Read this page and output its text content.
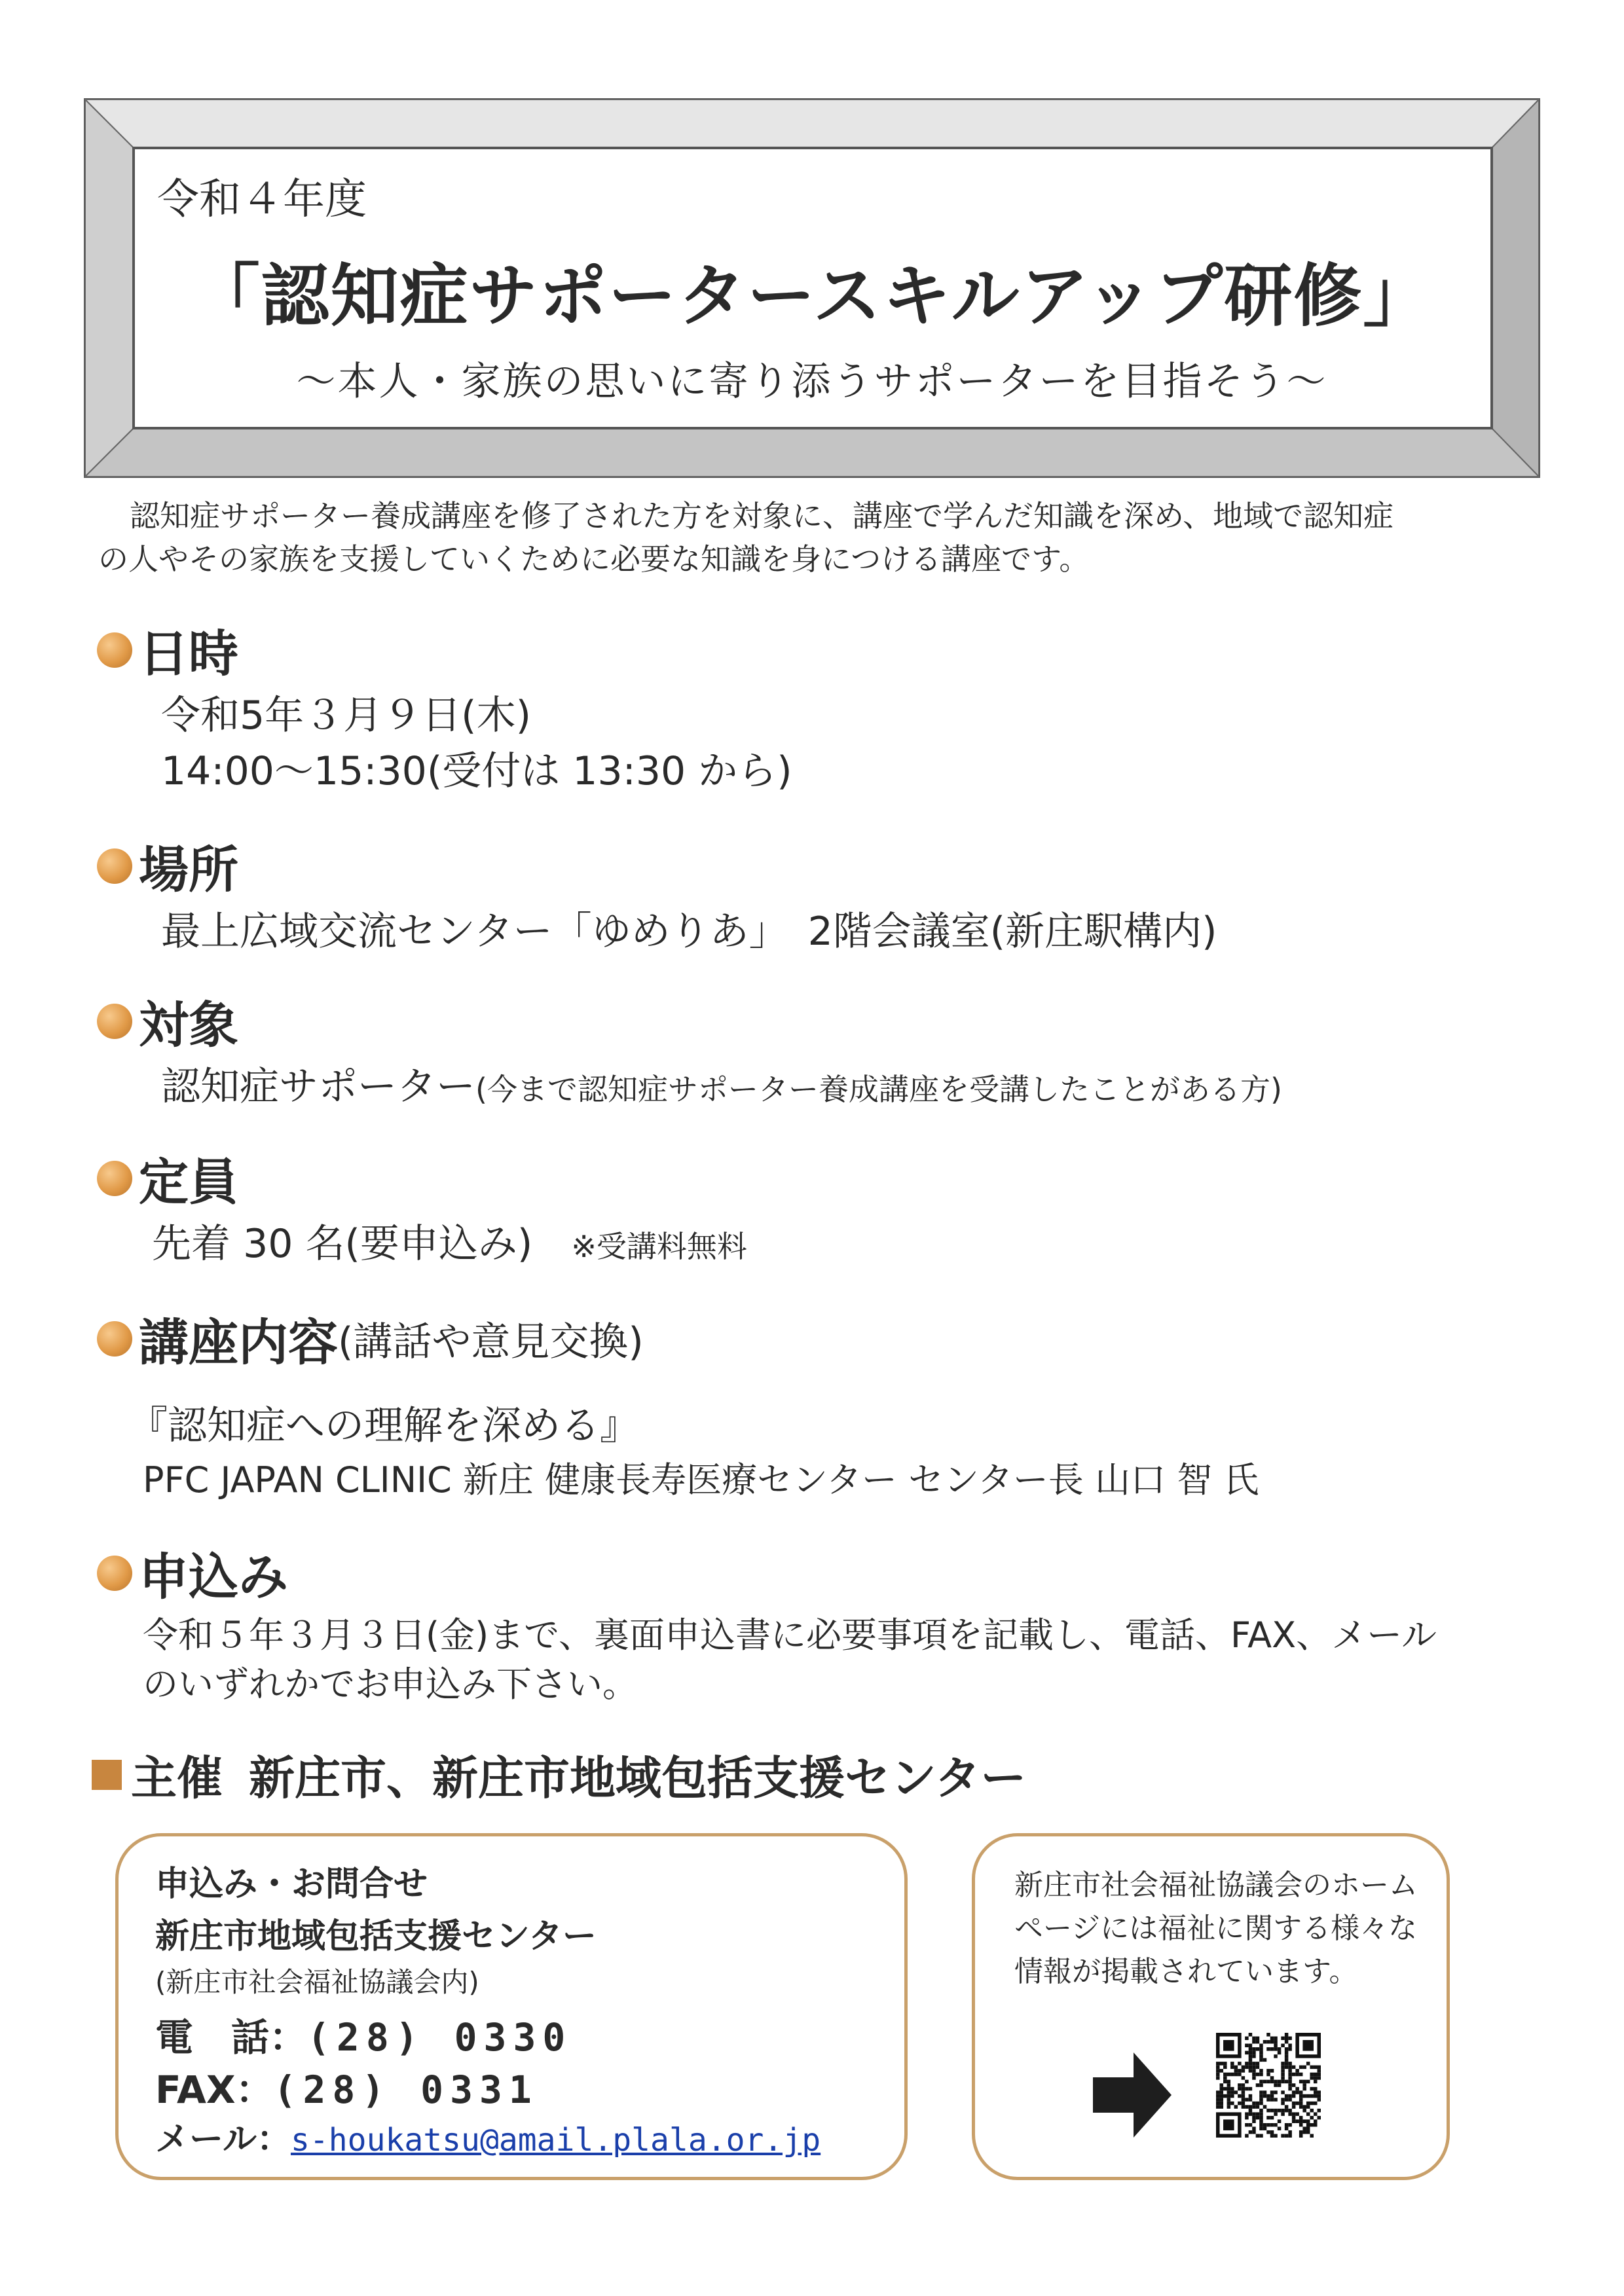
令和４年度
「認知症サポータースキルアップ研修」
〜本人・家族の思いに寄り添うサポーターを目指そう〜

認知症サポーター養成講座を修了された方を対象に、講座で学んだ知識を深め、地域で認知症

の人やその家族を支援していくために必要な知識を身につける講座です。

日時
令和5年３月９日(木)
14:00〜15:30(受付は 13:30 から)
場所
最上広域交流センター「ゆめりあ」　2階会議室(新庄駅構内)
対象
認知症サポーター(今まで認知症サポーター養成講座を受講したことがある方)
定員
先着 30 名(要申込み) ※受講料無料
講座内容 (講話や意見交換)
『認知症への理解を深める』
PFC JAPAN CLINIC 新庄 健康長寿医療センター センター長 山口 智 氏
申込み
令和５年３月３日(金)まで、裏面申込書に必要事項を記載し、電話、FAX、メール
のいずれかでお申込み下さい。
主催 新庄市、新庄市地域包括支援センター
申込み・お問合せ
新庄市地域包括支援センター
(新庄市社会福祉協議会内)
電　話：(28) 0330
FAX：(28) 0331
メール：s-houkatsu@amail.plala.or.jp
新庄市社会福祉協議会のホームページには福祉に関する様々な情報が掲載されています。
